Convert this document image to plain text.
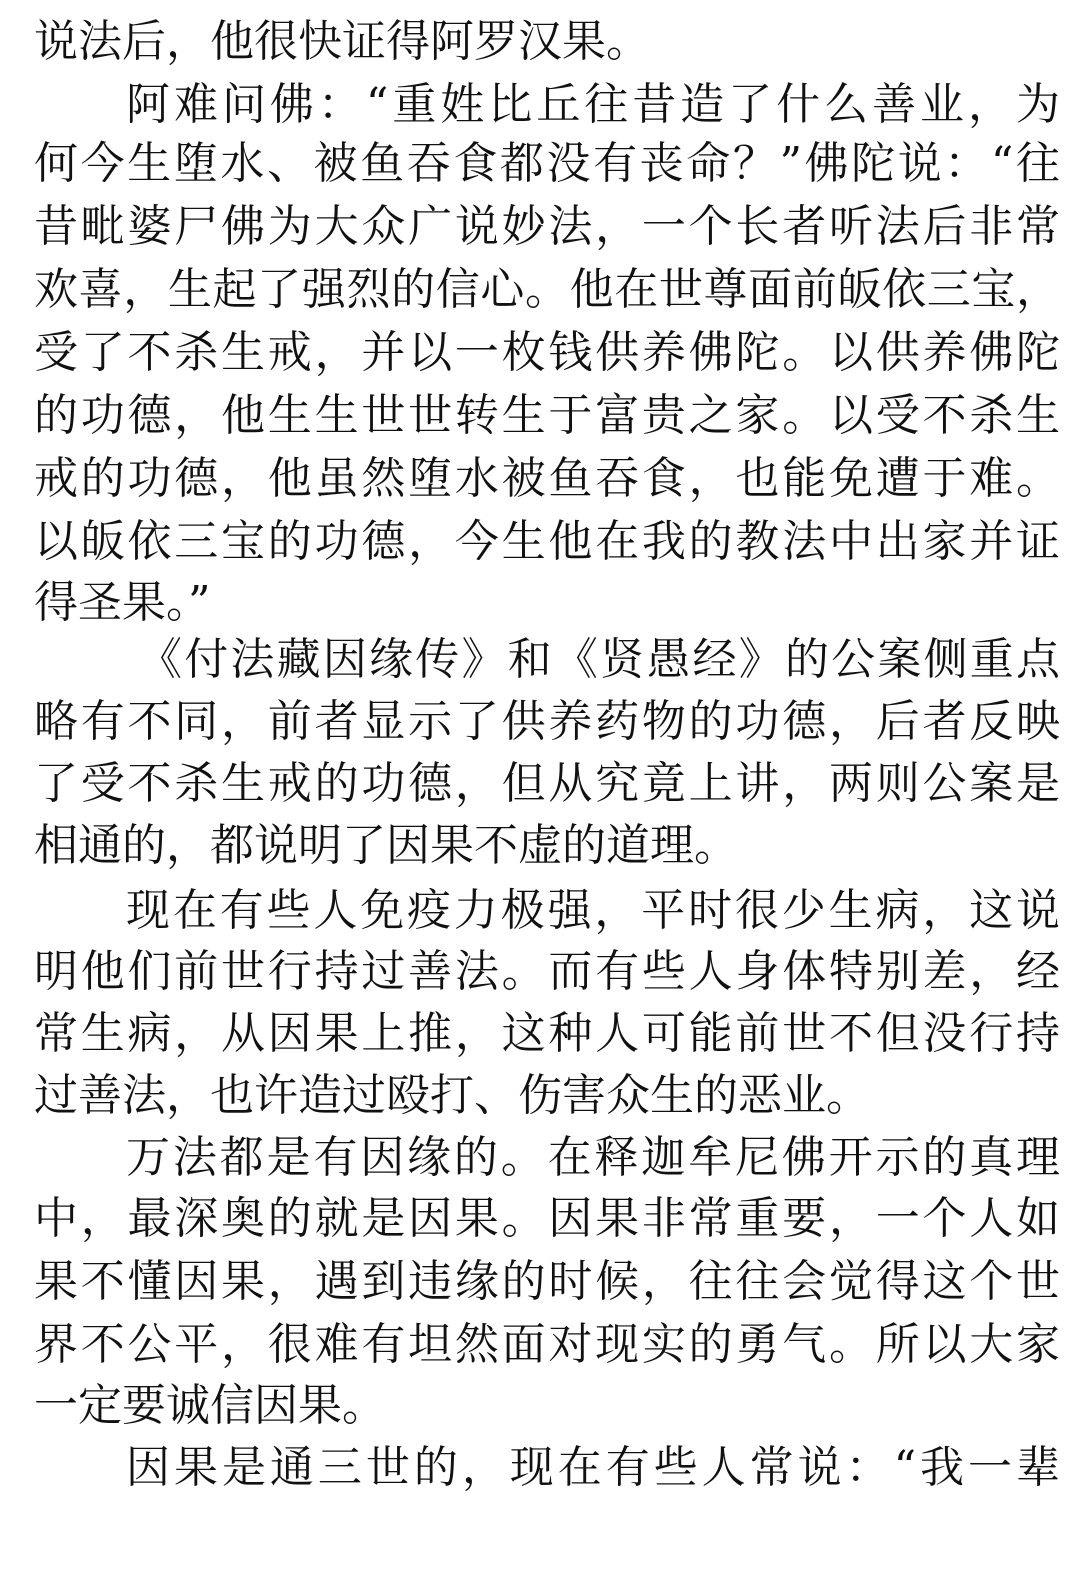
说法后，他很快证得阿罗汉果。
阿难问佛：“重姓比丘往昔造了什么善业，为
何今生堕水、被鱼吞食都没有丧命？”佛陀说：“往
昔毗婆尸佛为大众广说妙法，一个长者听法后非常
欢喜，生起了强烈的信心。他在世尊面前皈依三宝，
受了不杀生戒，并以一枚钱供养佛陀。以供养佛陀
的功德，他生生世世转生于富贵之家。以受不杀生
戒的功德，他虽然堕水被鱼吞食，也能免遭于难。
以皈依三宝的功德，今生他在我的教法中出家并证
得圣果。”
《付法藏因缘传》和《贤愚经》的公案侧重点
略有不同，前者显示了供养药物的功德，后者反映
了受不杀生戒的功德，但从究竟上讲，两则公案是
相通的，都说明了因果不虚的道理。
现在有些人免疫力极强，平时很少生病，这说
明他们前世行持过善法。而有些人身体特别差，经
常生病，从因果上推，这种人可能前世不但没行持
过善法，也许造过殴打、伤害众生的恶业。
万法都是有因缘的。在释迦牟尼佛开示的真理
中，最深奥的就是因果。因果非常重要，一个人如
果不懂因果，遇到违缘的时候，往往会觉得这个世
界不公平，很难有坦然面对现实的勇气。所以大家
一定要诚信因果。
因果是通三世的，现在有些人常说：“我一辈
